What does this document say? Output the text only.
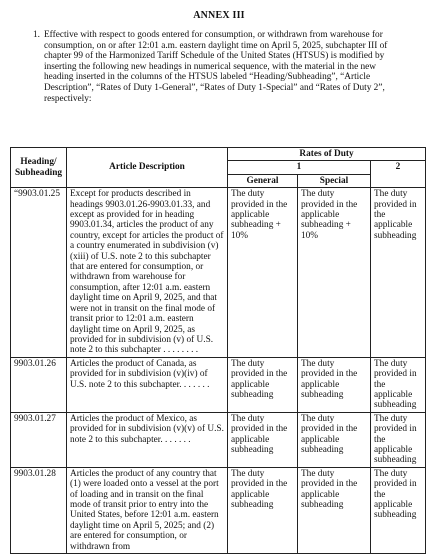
ANNEX III
1. Effective with respect to goods entered for consumption, or withdrawn from warehouse for consumption, on or after 12:01 a.m. eastern daylight time on April 5, 2025, subchapter III of chapter 99 of the Harmonized Tariff Schedule of the United States (HTSUS) is modified by inserting the following new headings in numerical sequence, with the material in the new heading inserted in the columns of the HTSUS labeled “Heading/Subheading”, “Article Description”, “Rates of Duty 1-General”, “Rates of Duty 1-Special” and “Rates of Duty 2”, respectively:
Heading/ Subheading	Article Description	Rates of Duty		
		1		2
		General	Special	
“9903.01.25	Except for products described in headings 9903.01.26-9903.01.33, and except as provided for in heading 9903.01.34, articles the product of any country, except for articles the product of a country enumerated in subdivision (v)(xiii) of U.S. note 2 to this subchapter that are entered for consumption, or withdrawn from warehouse for consumption, after 12:01 a.m. eastern daylight time on April 9, 2025, and that were not in transit on the final mode of transit prior to 12:01 a.m. eastern daylight time on April 9, 2025, as provided for in subdivision (v) of U.S. note 2 to this subchapter . . . . . . . .	The duty provided in the applicable subheading + 10%	The duty provided in the applicable subheading + 10%	The duty provided in the applicable subheading
9903.01.26	Articles the product of Canada, as provided for in subdivision (v)(iv) of U.S. note 2 to this subchapter. . . . . . .	The duty provided in the applicable subheading	The duty provided in the applicable subheading	The duty provided in the applicable subheading
9903.01.27	Articles the product of Mexico, as provided for in subdivision (v)(v) of U.S. note 2 to this subchapter. . . . . . .	The duty provided in the applicable subheading	The duty provided in the applicable subheading	The duty provided in the applicable subheading
9903.01.28	Articles the product of any country that (1) were loaded onto a vessel at the port of loading and in transit on the final mode of transit prior to entry into the United States, before 12:01 a.m. eastern daylight time on April 5, 2025; and (2) are entered for consumption, or withdrawn from	The duty provided in the applicable subheading	The duty provided in the applicable subheading	The duty provided in the applicable subheading
